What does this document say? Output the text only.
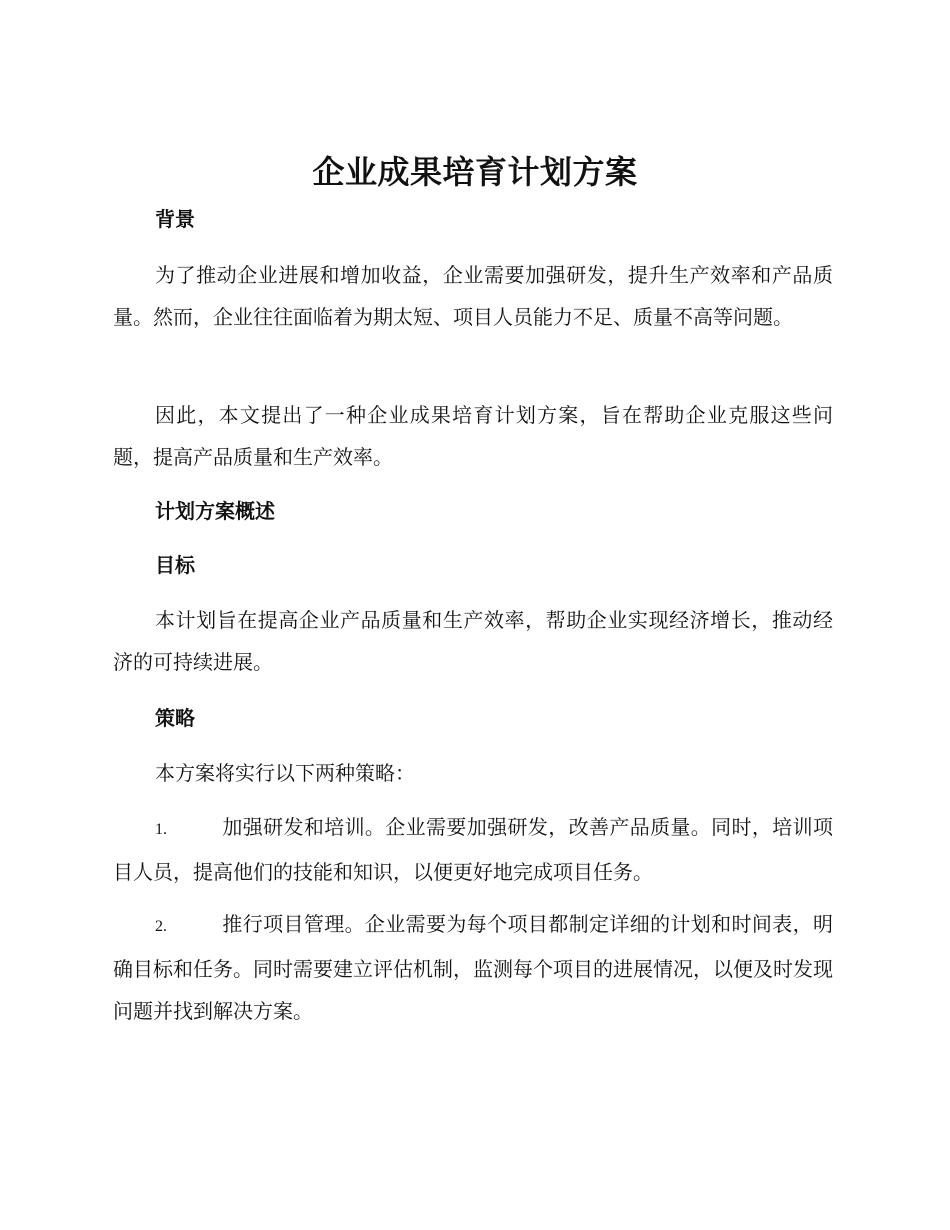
企业成果培育计划方案
背景

为了推动企业进展和增加收益，企业需要加强研发，提升生产效率和产品质量。然而，企业往往面临着为期太短、项目人员能力不足、质量不高等问题。

因此，本文提出了一种企业成果培育计划方案，旨在帮助企业克服这些问题，提高产品质量和生产效率。

计划方案概述
目标

本计划旨在提高企业产品质量和生产效率，帮助企业实现经济增长，推动经济的可持续进展。

策略

本方案将实行以下两种策略：

1.	加强研发和培训。企业需要加强研发，改善产品质量。同时，培训项目人员，提高他们的技能和知识，以便更好地完成项目任务。

2.	推行项目管理。企业需要为每个项目都制定详细的计划和时间表，明确目标和任务。同时需要建立评估机制，监测每个项目的进展情况，以便及时发现问题并找到解决方案。
